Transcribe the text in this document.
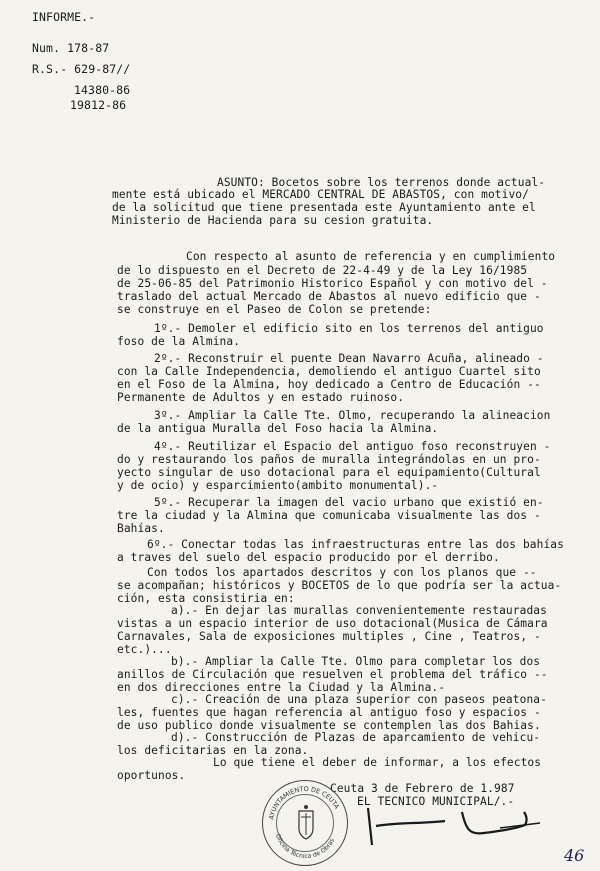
INFORME.-
Num. 178-87
R.S.- 629-87//
14380-86
19812-86
ASUNTO: Bocetos sobre los terrenos donde actual-
mente está ubicado el MERCADO CENTRAL DE ABASTOS, con motivo/
de la solicitud que tiene presentada este Ayuntamiento ante el
Ministerio de Hacienda para su cesion gratuita.
Con respecto al asunto de referencia y en cumplimiento
de lo dispuesto en el Decreto de 22-4-49 y de la Ley 16/1985
de 25-06-85 del Patrimonio Historico Español y con motivo del -
traslado del actual Mercado de Abastos al nuevo edificio que -
se construye en el Paseo de Colon se pretende:
1º.- Demoler el edificio sito en los terrenos del antiguo
foso de la Almina.
2º.- Reconstruir el puente Dean Navarro Acuña, alineado -
con la Calle Independencia, demoliendo el antiguo Cuartel sito
en el Foso de la Almina, hoy dedicado a Centro de Educación --
Permanente de Adultos y en estado ruinoso.
3º.- Ampliar la Calle Tte. Olmo, recuperando la alineacion
de la antigua Muralla del Foso hacia la Almina.
4º.- Reutilizar el Espacio del antiguo foso reconstruyen -
do y restaurando los paños de muralla integrándolas en un pro-
yecto singular de uso dotacional para el equipamiento(Cultural
y de ocio) y esparcimiento(ambito monumental).-
5º.- Recuperar la imagen del vacio urbano que existió en-
tre la ciudad y la Almina que comunicaba visualmente las dos -
Bahías.
6º.- Conectar todas las infraestructuras entre las dos bahías
a traves del suelo del espacio producido por el derribo.
Con todos los apartados descritos y con los planos que --
se acompañan; históricos y BOCETOS de lo que podría ser la actua-
ción, esta consistiria en:
a).- En dejar las murallas convenientemente restauradas
vistas a un espacio interior de uso dotacional(Musica de Cámara
Carnavales, Sala de exposiciones multiples , Cine , Teatros, -
etc.)...
b).- Ampliar la Calle Tte. Olmo para completar los dos
anillos de Circulación que resuelven el problema del tráfico --
en dos direcciones entre la Ciudad y la Almina.-
c).- Creación de una plaza superior con paseos peatona-
les, fuentes que hagan referencia al antiguo foso y espacios -
de uso publico donde visualmente se contemplen las dos Bahias.
d).- Construcción de Plazas de aparcamiento de vehicu-
los deficitarias en la zona.
Lo que tiene el deber de informar, a los efectos
oportunos.
Ceuta 3 de Febrero de 1.987
EL TECNICO MUNICIPAL/.-
AYUNTAMIENTO DE CEUTA
Oficina Técnica de Obras
46
